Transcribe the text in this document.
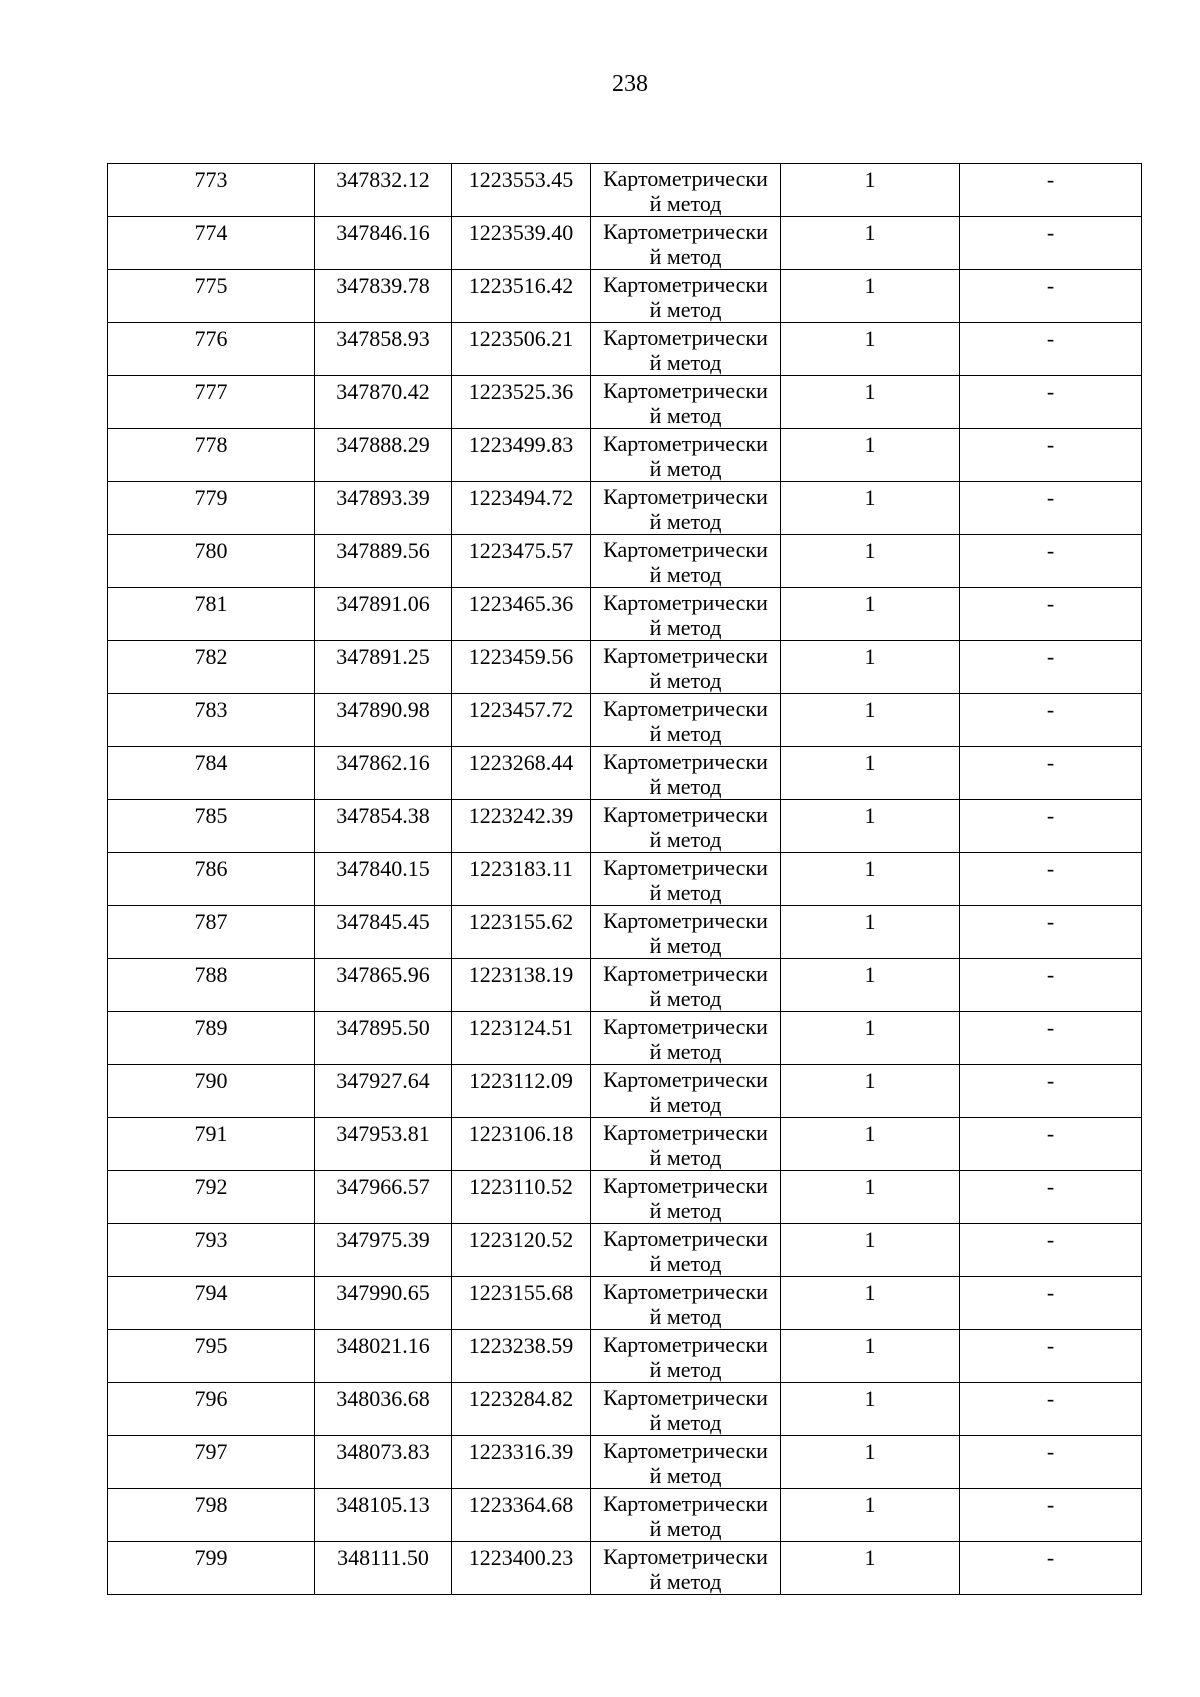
238
773	347832.12	1223553.45	Картометрически
й метод	1	-

774	347846.16	1223539.40	Картометрически
й метод	1	-

775	347839.78	1223516.42	Картометрически
й метод	1	-

776	347858.93	1223506.21	Картометрически
й метод	1	-

777	347870.42	1223525.36	Картометрически
й метод	1	-

778	347888.29	1223499.83	Картометрически
й метод	1	-

779	347893.39	1223494.72	Картометрически
й метод	1	-

780	347889.56	1223475.57	Картометрически
й метод	1	-

781	347891.06	1223465.36	Картометрически
й метод	1	-

782	347891.25	1223459.56	Картометрически
й метод	1	-

783	347890.98	1223457.72	Картометрически
й метод	1	-

784	347862.16	1223268.44	Картометрически
й метод	1	-

785	347854.38	1223242.39	Картометрически
й метод	1	-

786	347840.15	1223183.11	Картометрически
й метод	1	-

787	347845.45	1223155.62	Картометрически
й метод	1	-

788	347865.96	1223138.19	Картометрически
й метод	1	-

789	347895.50	1223124.51	Картометрически
й метод	1	-

790	347927.64	1223112.09	Картометрически
й метод	1	-

791	347953.81	1223106.18	Картометрически
й метод	1	-

792	347966.57	1223110.52	Картометрически
й метод	1	-

793	347975.39	1223120.52	Картометрически
й метод	1	-

794	347990.65	1223155.68	Картометрически
й метод	1	-

795	348021.16	1223238.59	Картометрически
й метод	1	-

796	348036.68	1223284.82	Картометрически
й метод	1	-

797	348073.83	1223316.39	Картометрически
й метод	1	-

798	348105.13	1223364.68	Картометрически
й метод	1	-

799	348111.50	1223400.23	Картометрически
й метод	1	-
